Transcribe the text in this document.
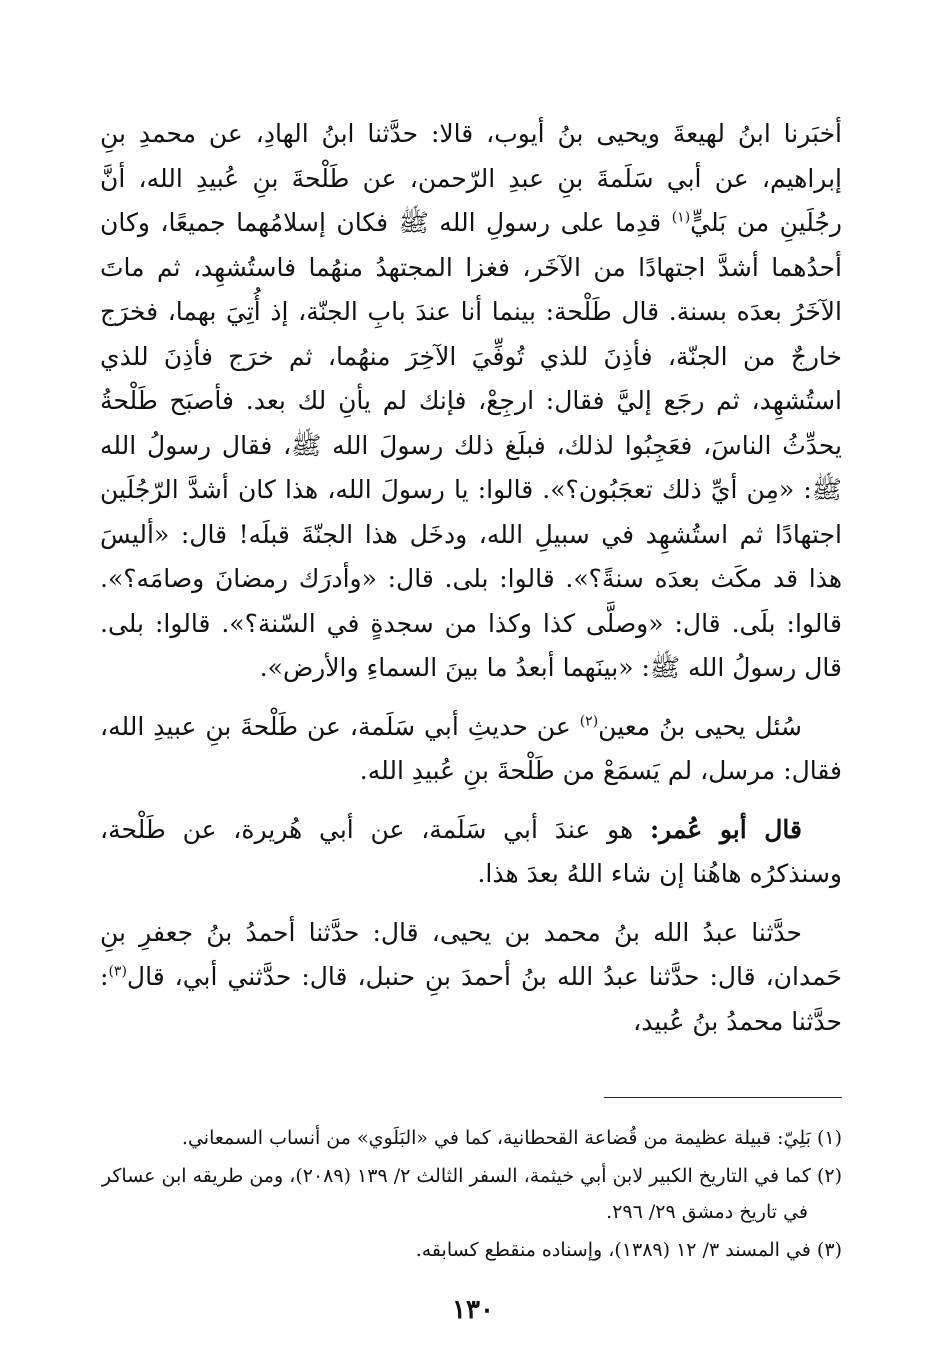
أخبَرنا ابنُ لهيعةَ ويحيى بنُ أيوب، قالا: حدَّثنا ابنُ الهادِ، عن محمدِ بنِ إبراهيم، عن أبي سَلَمةَ بنِ عبدِ الرّحمن، عن طَلْحةَ بنِ عُبيدِ الله، أنَّ رجُلَينِ من بَليٍّ$^{(١)}$ قدِما على رسولِ الله ﷺ فكان إسلامُهما جميعًا، وكان أحدُهما أشدَّ اجتهادًا من الآخَر، فغزا المجتهدُ منهُما فاستُشهِد، ثم ماتَ الآخَرُ بعدَه بسنة. قال طَلْحة: بينما أنا عندَ بابِ الجنّة، إذ أُتِيَ بهما، فخرَج خارجٌ من الجنّة، فأذِنَ للذي تُوفِّيَ الآخِرَ منهُما، ثم خرَج فأذِنَ للذي استُشهِد، ثم رجَع إليَّ فقال: ارجِعْ، فإنك لم يأنِ لك بعد. فأصبَح طَلْحةُ يحدِّثُ الناسَ، فعَجِبُوا لذلك، فبلَغ ذلك رسولَ الله ﷺ، فقال رسولُ الله ﷺ: «مِن أيِّ ذلك تعجَبُون؟». قالوا: يا رسولَ الله، هذا كان أشدَّ الرّجُلَين اجتهادًا ثم استُشهِد في سبيلِ الله، ودخَل هذا الجنّةَ قبلَه! قال: «أليسَ هذا قد مكَث بعدَه سنةً؟». قالوا: بلى. قال: «وأدرَك رمضانَ وصامَه؟». قالوا: بلَى. قال: «وصلَّى كذا وكذا من سجدةٍ في السّنة؟». قالوا: بلى. قال رسولُ الله ﷺ: «بينَهما أبعدُ ما بينَ السماءِ والأرض».

سُئل يحيى بنُ معين$^{(٢)}$ عن حديثِ أبي سَلَمة، عن طَلْحةَ بنِ عبيدِ الله، فقال: مرسل، لم يَسمَعْ من طَلْحةَ بنِ عُبيدِ الله.

قال أبو عُمر: هو عندَ أبي سَلَمة، عن أبي هُريرة، عن طَلْحة، وسنذكرُه هاهُنا إن شاء اللهُ بعدَ هذا.

حدَّثنا عبدُ الله بنُ محمد بن يحيى، قال: حدَّثنا أحمدُ بنُ جعفرِ بنِ حَمدان، قال: حدَّثنا عبدُ الله بنُ أحمدَ بنِ حنبل، قال: حدَّثني أبي، قال$^{(٣)}$: حدَّثنا محمدُ بنُ عُبيد،

(١) بَلِيّ: قبيلة عظيمة من قُضاعة القحطانية، كما في «البَلَوي» من أنساب السمعاني.

(٢) كما في التاريخ الكبير لابن أبي خيثمة، السفر الثالث ٢/ ١٣٩ (٢٠٨٩)، ومن طريقه ابن عساكر
في تاريخ دمشق ٢٩/ ٢٩٦.

(٣) في المسند ٣/ ١٢ (١٣٨٩)، وإسناده منقطع كسابقه.

١٣٠
